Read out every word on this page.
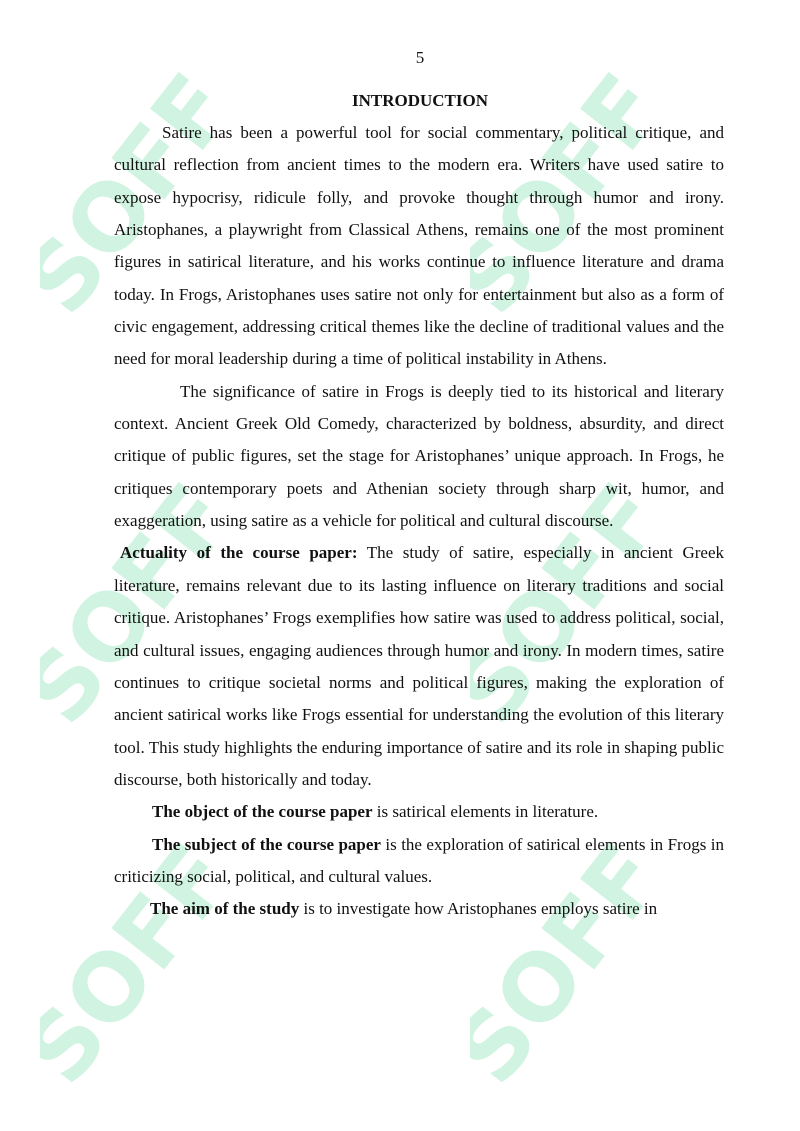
SOFF SOFF
SOFF SOFF
SOFF SOFF
5
INTRODUCTION

Satire has been a powerful tool for social commentary, political critique, and cultural reflection from ancient times to the modern era. Writers have used satire to expose hypocrisy, ridicule folly, and provoke thought through humor and irony. Aristophanes, a playwright from Classical Athens, remains one of the most prominent figures in satirical literature, and his works continue to influence literature and drama today. In Frogs, Aristophanes uses satire not only for entertainment but also as a form of civic engagement, addressing critical themes like the decline of traditional values and the need for moral leadership during a time of political instability in Athens.

The significance of satire in Frogs is deeply tied to its historical and literary context. Ancient Greek Old Comedy, characterized by boldness, absurdity, and direct critique of public figures, set the stage for Aristophanes’ unique approach. In Frogs, he critiques contemporary poets and Athenian society through sharp wit, humor, and exaggeration, using satire as a vehicle for political and cultural discourse.

Actuality of the course paper: The study of satire, especially in ancient Greek literature, remains relevant due to its lasting influence on literary traditions and social critique. Aristophanes’ Frogs exemplifies how satire was used to address political, social, and cultural issues, engaging audiences through humor and irony. In modern times, satire continues to critique societal norms and political figures, making the exploration of ancient satirical works like Frogs essential for understanding the evolution of this literary tool. This study highlights the enduring importance of satire and its role in shaping public discourse, both historically and today.

The object of the course paper is satirical elements in literature.

The subject of the course paper is the exploration of satirical elements in Frogs in criticizing social, political, and cultural values.

The aim of the study is to investigate how Aristophanes employs satire in
